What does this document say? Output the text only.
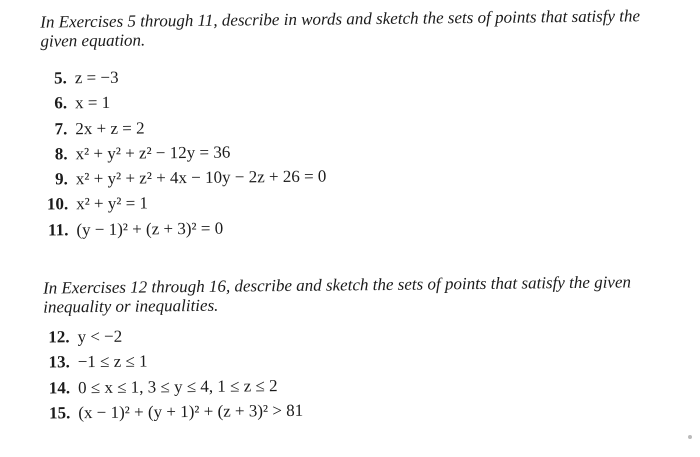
In Exercises 5 through 11, describe in words and sketch the sets of points that satisfy the given equation.

5. z = −3
6. x = 1
7. 2x + z = 2
8. x² + y² + z² − 12y = 36
9. x² + y² + z² + 4x − 10y − 2z + 26 = 0
10. x² + y² = 1
11. (y − 1)² + (z + 3)² = 0

In Exercises 12 through 16, describe and sketch the sets of points that satisfy the given inequality or inequalities.

12. y < −2
13. −1 ≤ z ≤ 1
14. 0 ≤ x ≤ 1, 3 ≤ y ≤ 4, 1 ≤ z ≤ 2
15. (x − 1)² + (y + 1)² + (z + 3)² > 81
